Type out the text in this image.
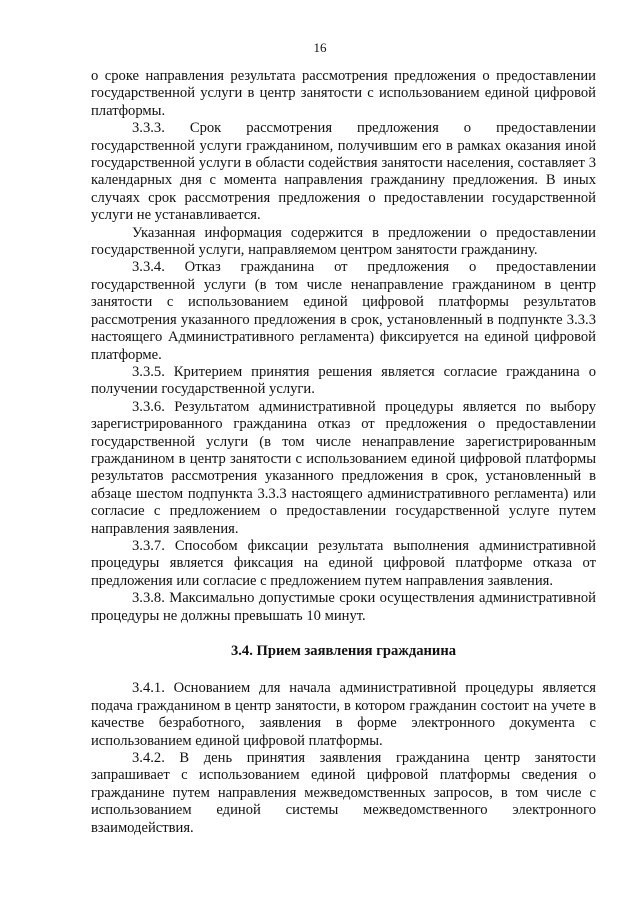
16

о сроке направления результата рассмотрения предложения о предоставлении государственной услуги в центр занятости с использованием единой цифровой платформы.

3.3.3. Срок рассмотрения предложения о предоставлении государственной услуги гражданином, получившим его в рамках оказания иной государственной услуги в области содействия занятости населения, составляет 3 календарных дня с момента направления гражданину предложения. В иных случаях срок рассмотрения предложения о предоставлении государственной услуги не устанавливается.

Указанная информация содержится в предложении о предоставлении государственной услуги, направляемом центром занятости гражданину.

3.3.4. Отказ гражданина от предложения о предоставлении государственной услуги (в том числе ненаправление гражданином в центр занятости с использованием единой цифровой платформы результатов рассмотрения указанного предложения в срок, установленный в подпункте 3.3.3 настоящего Административного регламента) фиксируется на единой цифровой платформе.

3.3.5. Критерием принятия решения является согласие гражданина о получении государственной услуги.

3.3.6. Результатом административной процедуры является по выбору зарегистрированного гражданина отказ от предложения о предоставлении государственной услуги (в том числе ненаправление зарегистрированным гражданином в центр занятости с использованием единой цифровой платформы результатов рассмотрения указанного предложения в срок, установленный в абзаце шестом подпункта 3.3.3 настоящего административного регламента) или согласие с предложением о предоставлении государственной услуге путем направления заявления.

3.3.7. Способом фиксации результата выполнения административной процедуры является фиксация на единой цифровой платформе отказа от предложения или согласие с предложением путем направления заявления.

3.3.8. Максимально допустимые сроки осуществления административной процедуры не должны превышать 10 минут.

3.4. Прием заявления гражданина

3.4.1. Основанием для начала административной процедуры является подача гражданином в центр занятости, в котором гражданин состоит на учете в качестве безработного, заявления в форме электронного документа с использованием единой цифровой платформы.

3.4.2. В день принятия заявления гражданина центр занятости запрашивает с использованием единой цифровой платформы сведения о гражданине путем направления межведомственных запросов, в том числе с использованием единой системы межведомственного электронного взаимодействия.
